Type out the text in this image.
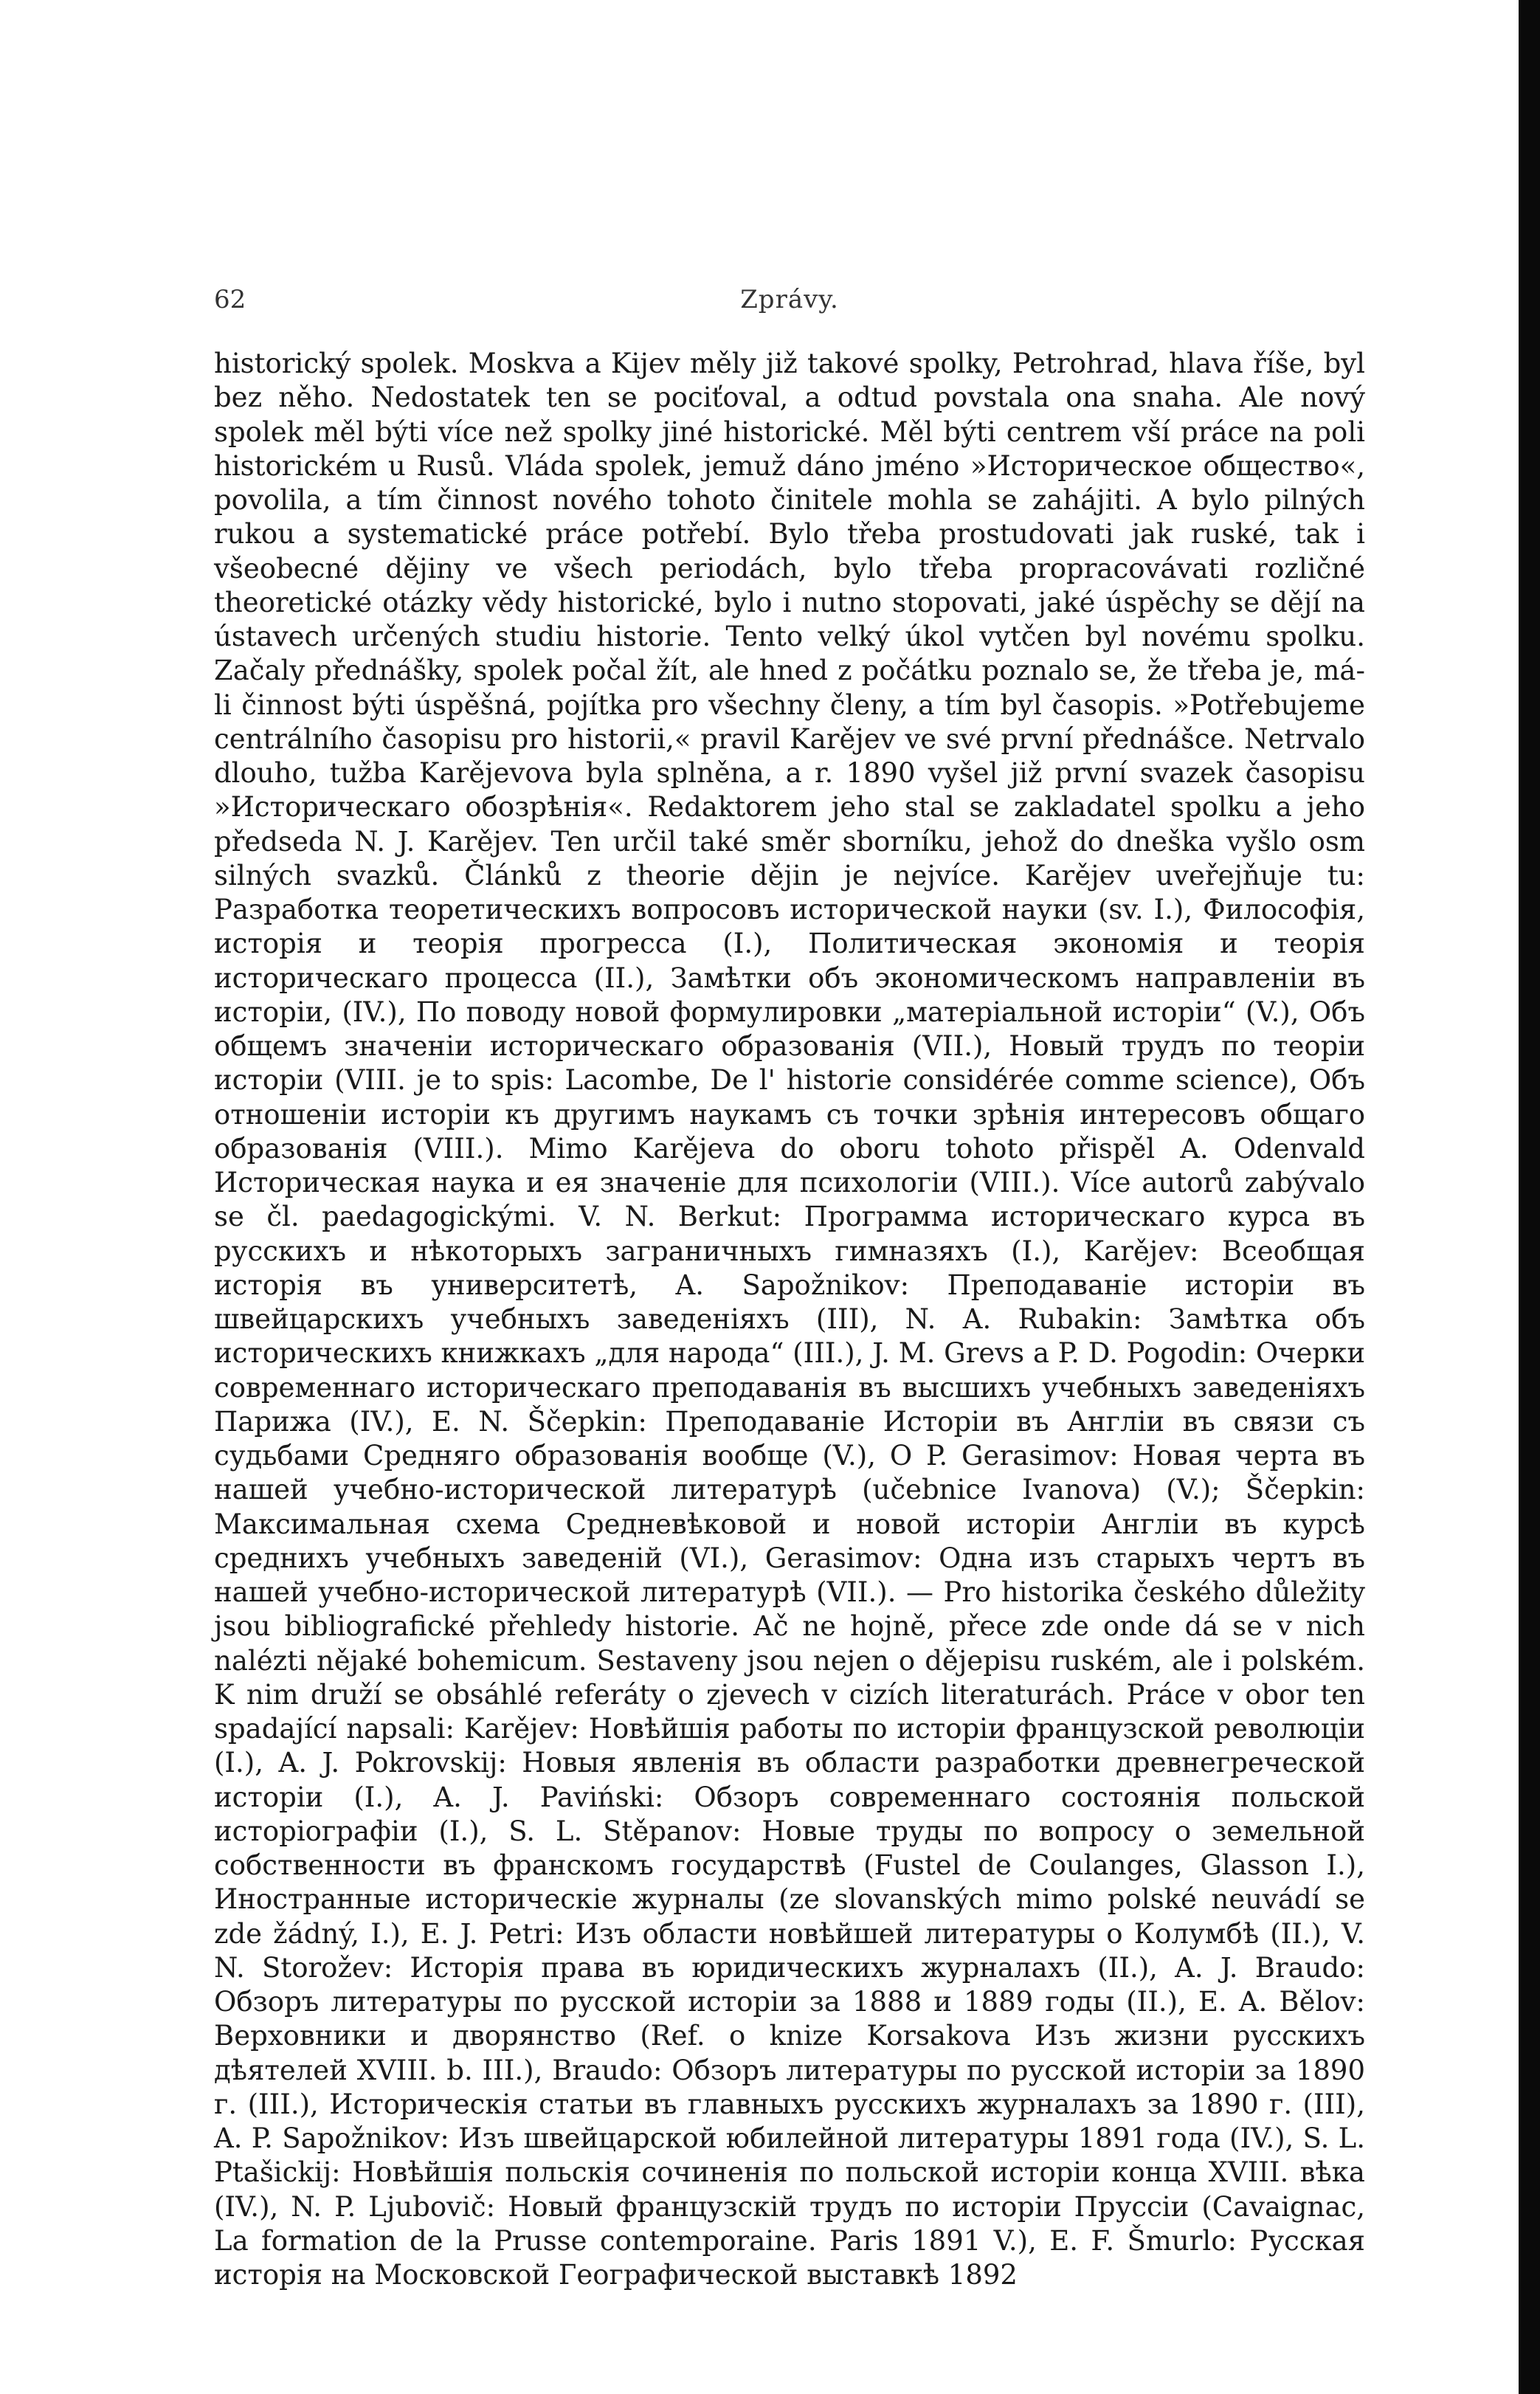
62	Zprávy.

historický spolek. Moskva a Kijev měly již takové spolky, Petrohrad, hlava říše, byl bez něho. Nedostatek ten se pociťoval, a odtud povstala ona snaha. Ale nový spolek měl býti více než spolky jiné historické. Měl býti centrem vší práce na poli historickém u Rusů. Vláda spolek, jemuž dáno jméno »Историческое общество«, povolila, a tím činnost nového tohoto činitele mohla se zahájiti. A bylo pilných rukou a systematické práce potřebí. Bylo třeba prostudovati jak ruské, tak i všeobecné dějiny ve všech periodách, bylo třeba propracovávati rozličné theoretické otázky vědy historické, bylo i nutno stopovati, jaké úspěchy se dějí na ústavech určených studiu historie. Tento velký úkol vytčen byl novému spolku. Začaly přednášky, spolek počal žít, ale hned z počátku poznalo se, že třeba je, má-li činnost býti úspěšná, pojítka pro všechny členy, a tím byl časopis. »Potřebujeme centrálního časopisu pro historii,« pravil Karějev ve své první přednášce. Netrvalo dlouho, tužba Karějevova byla splněna, a r. 1890 vyšel již první svazek časopisu »Историческаго обозрѣнія«. Redaktorem jeho stal se zakladatel spolku a jeho předseda N. J. Karějev. Ten určil také směr sborníku, jehož do dneška vyšlo osm silných svazků. Článků z theorie dějin je nejvíce. Karějev uveřejňuje tu: Разработка теоретическихъ вопросовъ исторической науки (sv. I.), Философія, исторія и теорія прогресса (I.), Политическая экономія и теорія историческаго процесса (II.), Замѣтки объ экономическомъ направленіи въ исторіи, (IV.), По поводу новой формулировки „матеріальной исторіи“ (V.), Объ общемъ значеніи историческаго образованія (VII.), Новый трудъ по теоріи исторіи (VIII. je to spis: Lacombe, De l' historie considérée comme science), Объ отношеніи исторіи къ другимъ наукамъ съ точки зрѣнія интересовъ общаго образованія (VIII.). Mimo Karějeva do oboru tohoto přispěl A. Odenvald Историческая наука и ея значеніе для психологіи (VIII.). Více autorů zabývalo se čl. paedagogickými. V. N. Berkut: Программа историческаго курса въ русскихъ и нѣкоторыхъ заграничныхъ гимназяхъ (I.), Karějev: Всеобщая исторія въ университетѣ, A. Sapožnikov: Преподаваніе исторіи въ швейцарскихъ учебныхъ заведеніяхъ (III), N. A. Rubakin: Замѣтка объ историческихъ книжкахъ „для народа“ (III.), J. M. Grevs a P. D. Pogodin: Очерки современнаго историческаго преподаванія въ высшихъ учебныхъ заведеніяхъ Парижа (IV.), E. N. Ščepkin: Преподаваніе Исторіи въ Англіи въ связи съ судьбами Средняго образованія вообще (V.), O P. Gerasimov: Новая черта въ нашей учебно-исторической литературѣ (učebnice Ivanova) (V.); Ščepkin: Максимальная схема Средневѣковой и новой исторіи Англіи въ курсѣ среднихъ учебныхъ заведеній (VI.), Gerasimov: Одна изъ старыхъ чертъ въ нашей учебно-исторической литературѣ (VII.). — Pro historika českého důležity jsou bibliografické přehledy historie. Ač ne hojně, přece zde onde dá se v nich nalézti nějaké bohemicum. Sestaveny jsou nejen o dějepisu ruském, ale i polském. K nim druží se obsáhlé referáty o zjevech v cizích literaturách. Práce v obor ten spadající napsali: Karějev: Новѣйшія работы по исторіи французской революціи (I.), A. J. Pokrovskij: Новыя явленія въ области разработки древнегреческой исторіи (I.), A. J. Paviński: Обзоръ современнаго состоянія польской исторіографіи (I.), S. L. Stěpanov: Новые труды по вопросу о земельной собственности въ франскомъ государствѣ (Fustel de Coulanges, Glasson I.), Иностранные историческіе журналы (ze slovanských mimo polské neuvádí se zde žádný, I.), E. J. Petri: Изъ области новѣйшей литературы о Колумбѣ (II.), V. N. Storožev: Исторія права въ юридическихъ журналахъ (II.), A. J. Braudo: Обзоръ литературы по русской исторіи за 1888 и 1889 годы (II.), E. A. Bělov: Верховники и дворянство (Ref. o knize Korsakova Изъ жизни русскихъ дѣятелей XVIII. b. III.), Braudo: Обзоръ литературы по русской исторіи за 1890 г. (III.), Историческія статьи въ главныхъ русскихъ журналахъ за 1890 г. (III), A. P. Sapožnikov: Изъ швейцарской юбилейной литературы 1891 года (IV.), S. L. Ptašickij: Новѣйшія польскія сочиненія по польской исторіи конца XVIII. вѣка (IV.), N. P. Ljubovič: Новый французскій трудъ по исторіи Пруссіи (Cavaignac, La formation de la Prusse contemporaine. Paris 1891 V.), E. F. Šmurlo: Русская исторія на Московской Географической выставкѣ 1892
